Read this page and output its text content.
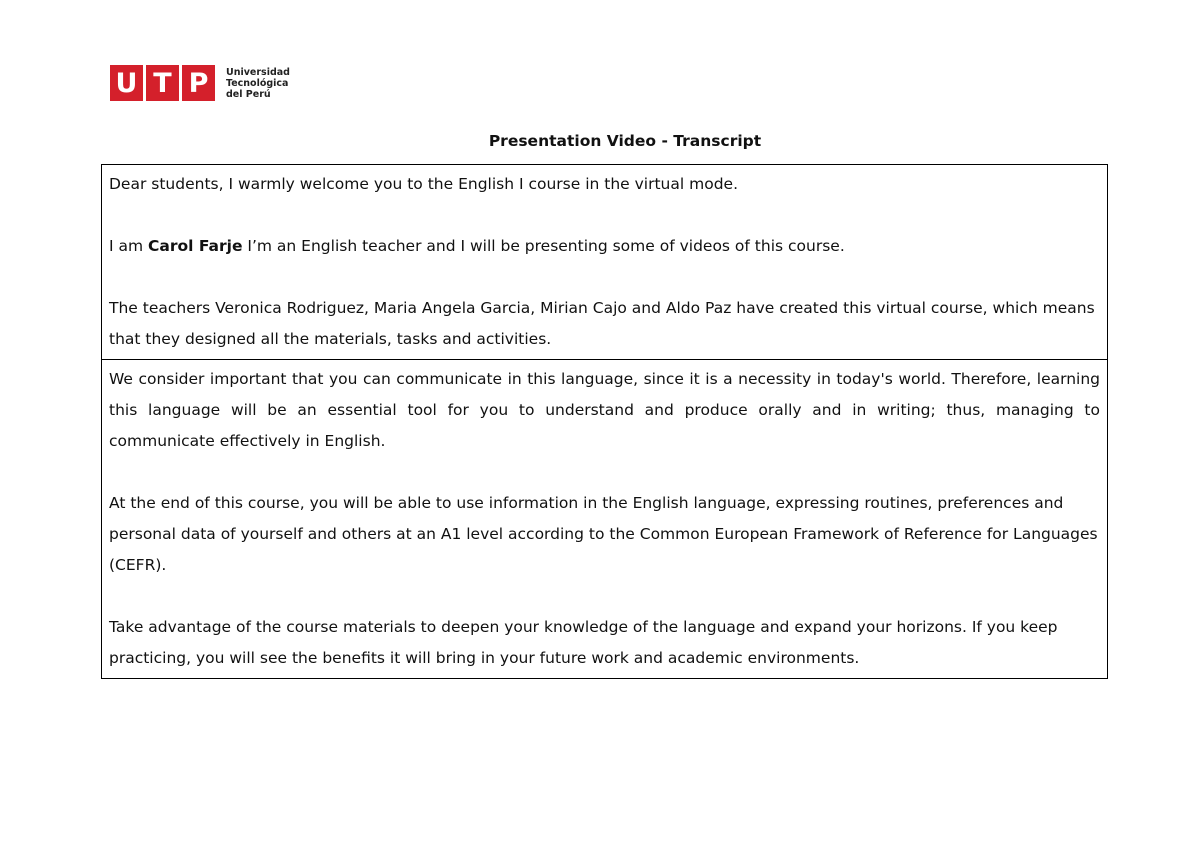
U T P	Universidad
Tecnológica
del Perú
Presentation Video - Transcript

Dear students, I warmly welcome you to the English I course in the virtual mode.

I am Carol Farje I’m an English teacher and I will be presenting some of videos of this course.

The teachers Veronica Rodriguez, Maria Angela Garcia, Mirian Cajo and Aldo Paz have created this virtual course, which means that they designed all the materials, tasks and activities.

We consider important that you can communicate in this language, since it is a necessity in today's world. Therefore, learning this language will be an essential tool for you to understand and produce orally and in writing; thus, managing to communicate effectively in English.

At the end of this course, you will be able to use information in the English language, expressing routines, preferences and personal data of yourself and others at an A1 level according to the Common European Framework of Reference for Languages (CEFR).

Take advantage of the course materials to deepen your knowledge of the language and expand your horizons. If you keep practicing, you will see the benefits it will bring in your future work and academic environments.
